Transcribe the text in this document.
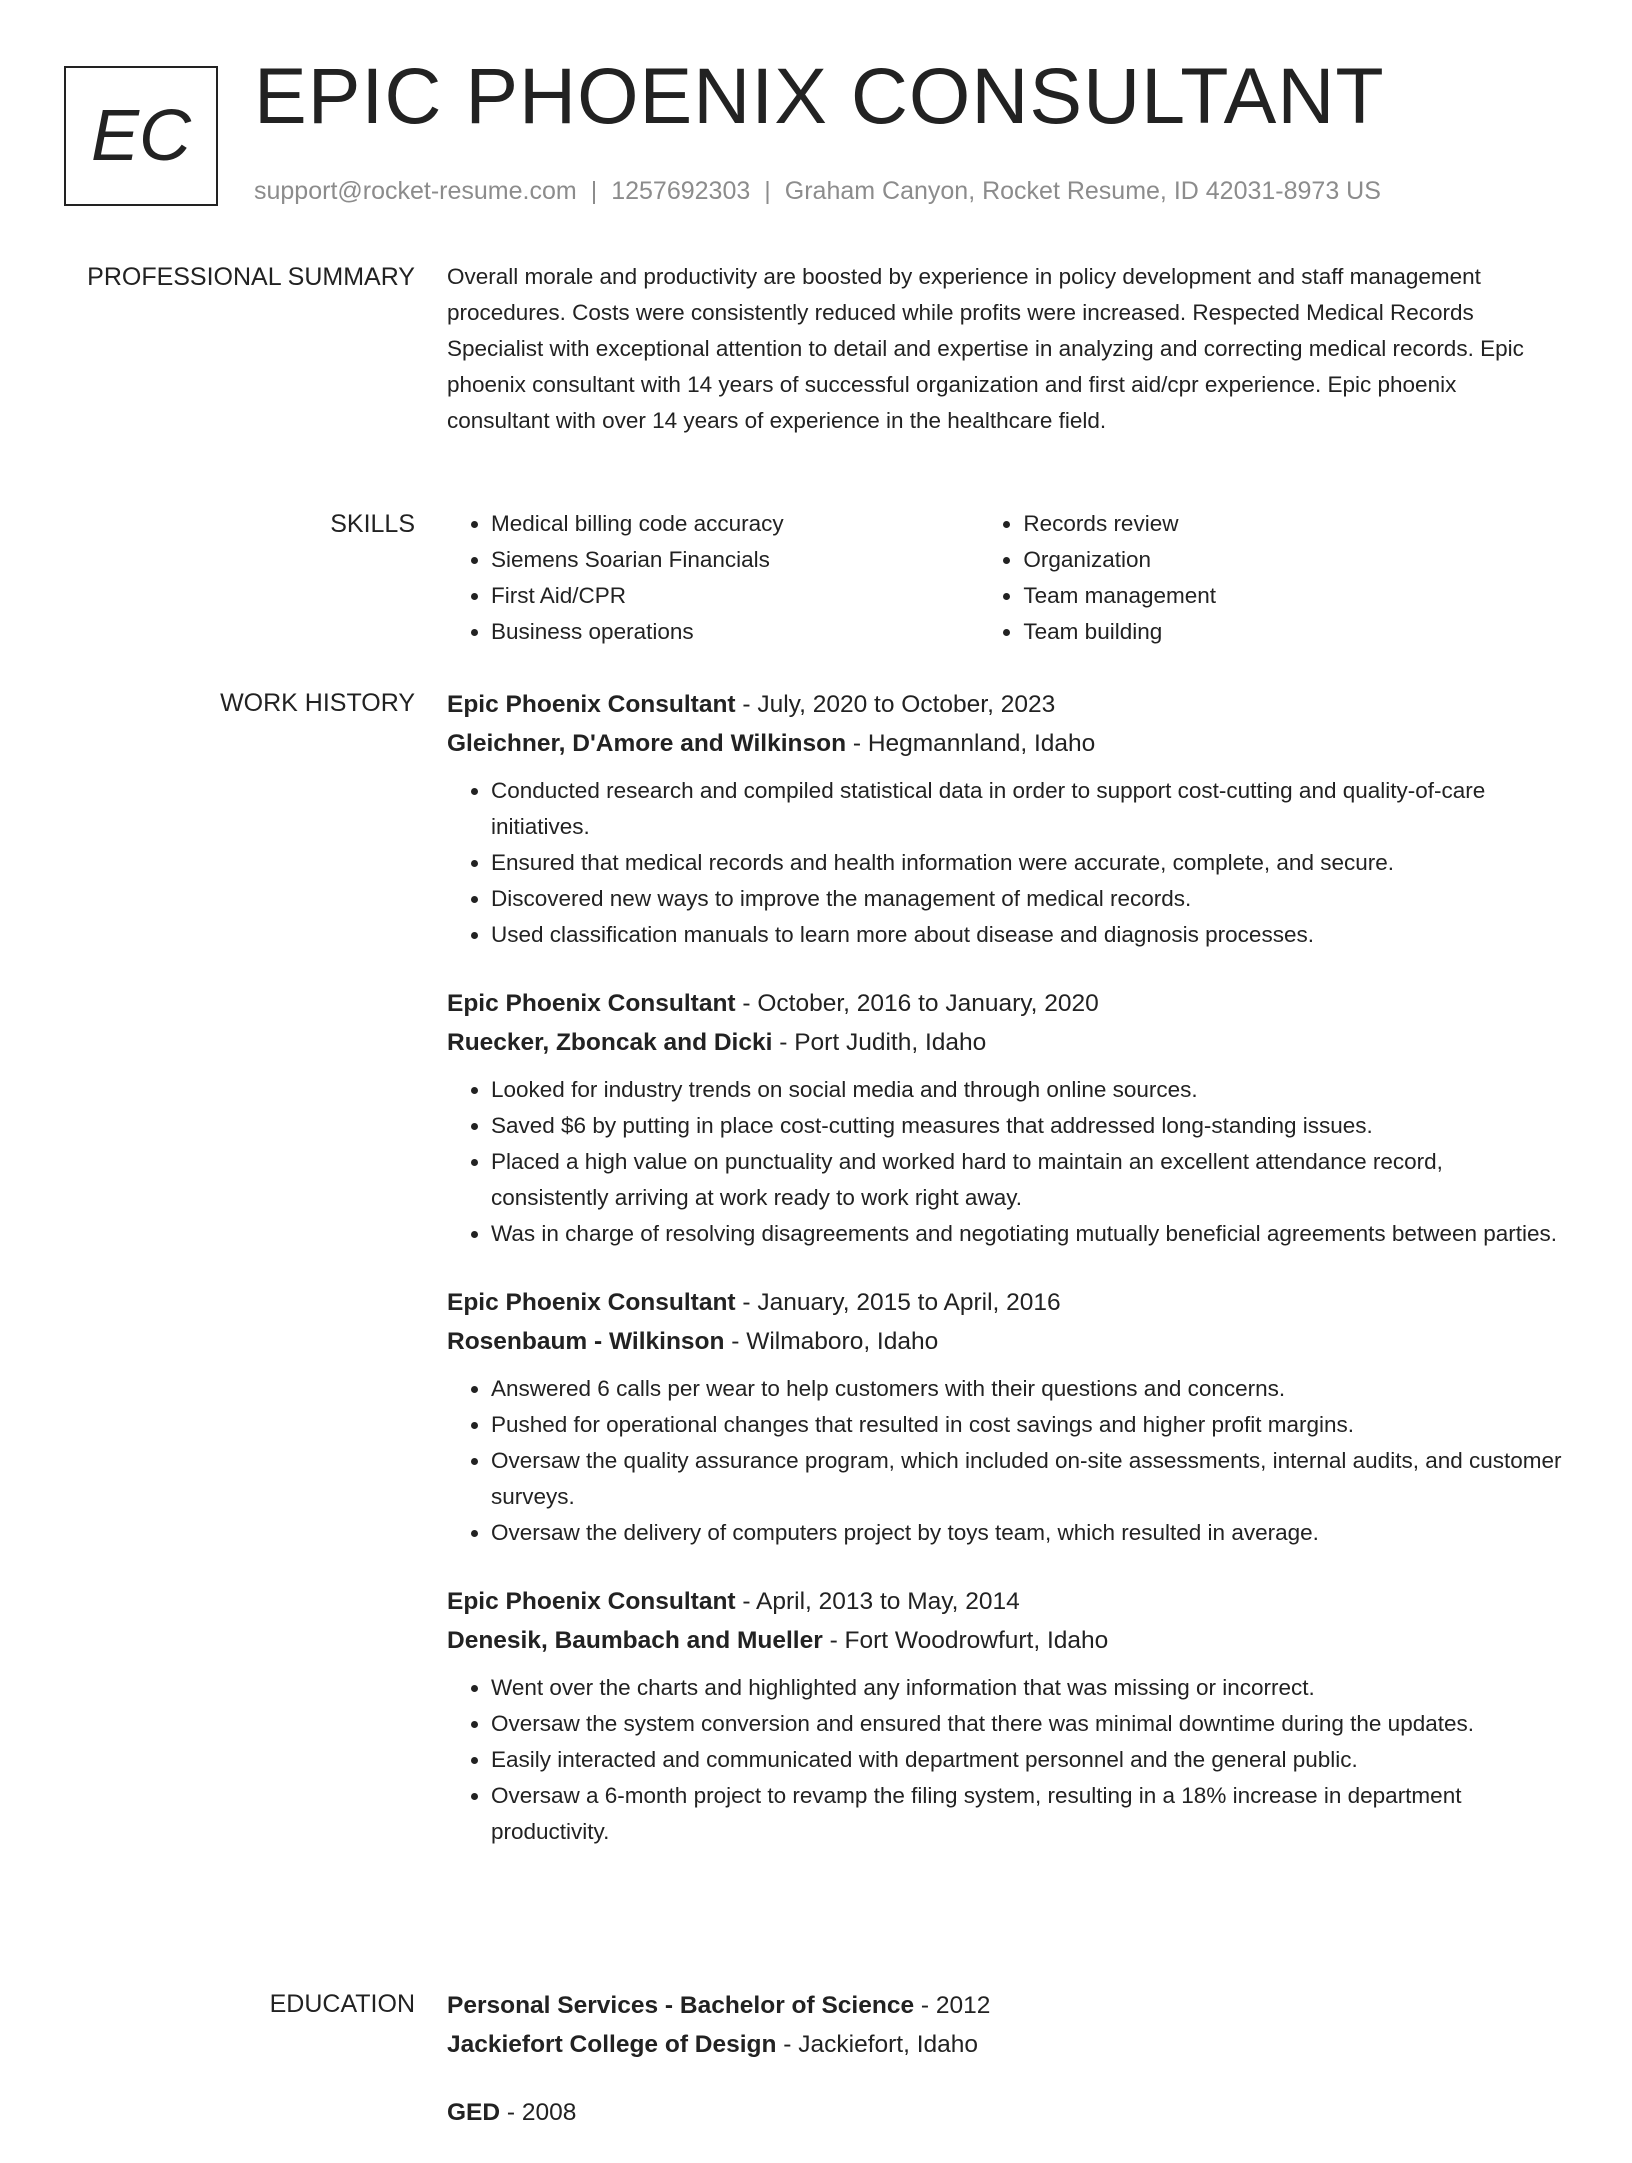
EC EPIC PHOENIX CONSULTANT
support@rocket-resume.com | 1257692303 | Graham Canyon, Rocket Resume, ID 42031-8973 US
PROFESSIONAL SUMMARY Overall morale and productivity are boosted by experience in policy development and staff management procedures. Costs were consistently reduced while profits were increased. Respected Medical Records Specialist with exceptional attention to detail and expertise in analyzing and correcting medical records. Epic phoenix consultant with 14 years of successful organization and first aid/cpr experience. Epic phoenix consultant with over 14 years of experience in the healthcare field.

SKILLS
•	Medical billing code accuracy
• Siemens Soarian Financials
• First Aid/CPR
• Business operations
• Records review
• Organization
• Team management
• Team building
WORK HISTORY Epic Phoenix Consultant - July, 2020 to October, 2023
Gleichner, D'Amore and Wilkinson - Hegmannland, Idaho
• Conducted research and compiled statistical data in order to support cost-cutting and quality-of-care initiatives.
• Ensured that medical records and health information were accurate, complete, and secure.
• Discovered new ways to improve the management of medical records.
• Used classification manuals to learn more about disease and diagnosis processes.
Epic Phoenix Consultant - October, 2016 to January, 2020
Ruecker, Zboncak and Dicki - Port Judith, Idaho
• Looked for industry trends on social media and through online sources.
• Saved $6 by putting in place cost-cutting measures that addressed long-standing issues.
• Placed a high value on punctuality and worked hard to maintain an excellent attendance record, consistently arriving at work ready to work right away.
• Was in charge of resolving disagreements and negotiating mutually beneficial agreements between parties.
Epic Phoenix Consultant - January, 2015 to April, 2016
Rosenbaum - Wilkinson - Wilmaboro, Idaho
• Answered 6 calls per wear to help customers with their questions and concerns.
• Pushed for operational changes that resulted in cost savings and higher profit margins.
• Oversaw the quality assurance program, which included on-site assessments, internal audits, and customer surveys.
• Oversaw the delivery of computers project by toys team, which resulted in average.
Epic Phoenix Consultant - April, 2013 to May, 2014
Denesik, Baumbach and Mueller - Fort Woodrowfurt, Idaho
• Went over the charts and highlighted any information that was missing or incorrect.
• Oversaw the system conversion and ensured that there was minimal downtime during the updates.
• Easily interacted and communicated with department personnel and the general public.
• Oversaw a 6-month project to revamp the filing system, resulting in a 18% increase in department productivity.
EDUCATION Personal Services - Bachelor of Science - 2012
Jackiefort College of Design - Jackiefort, Idaho
GED - 2008
